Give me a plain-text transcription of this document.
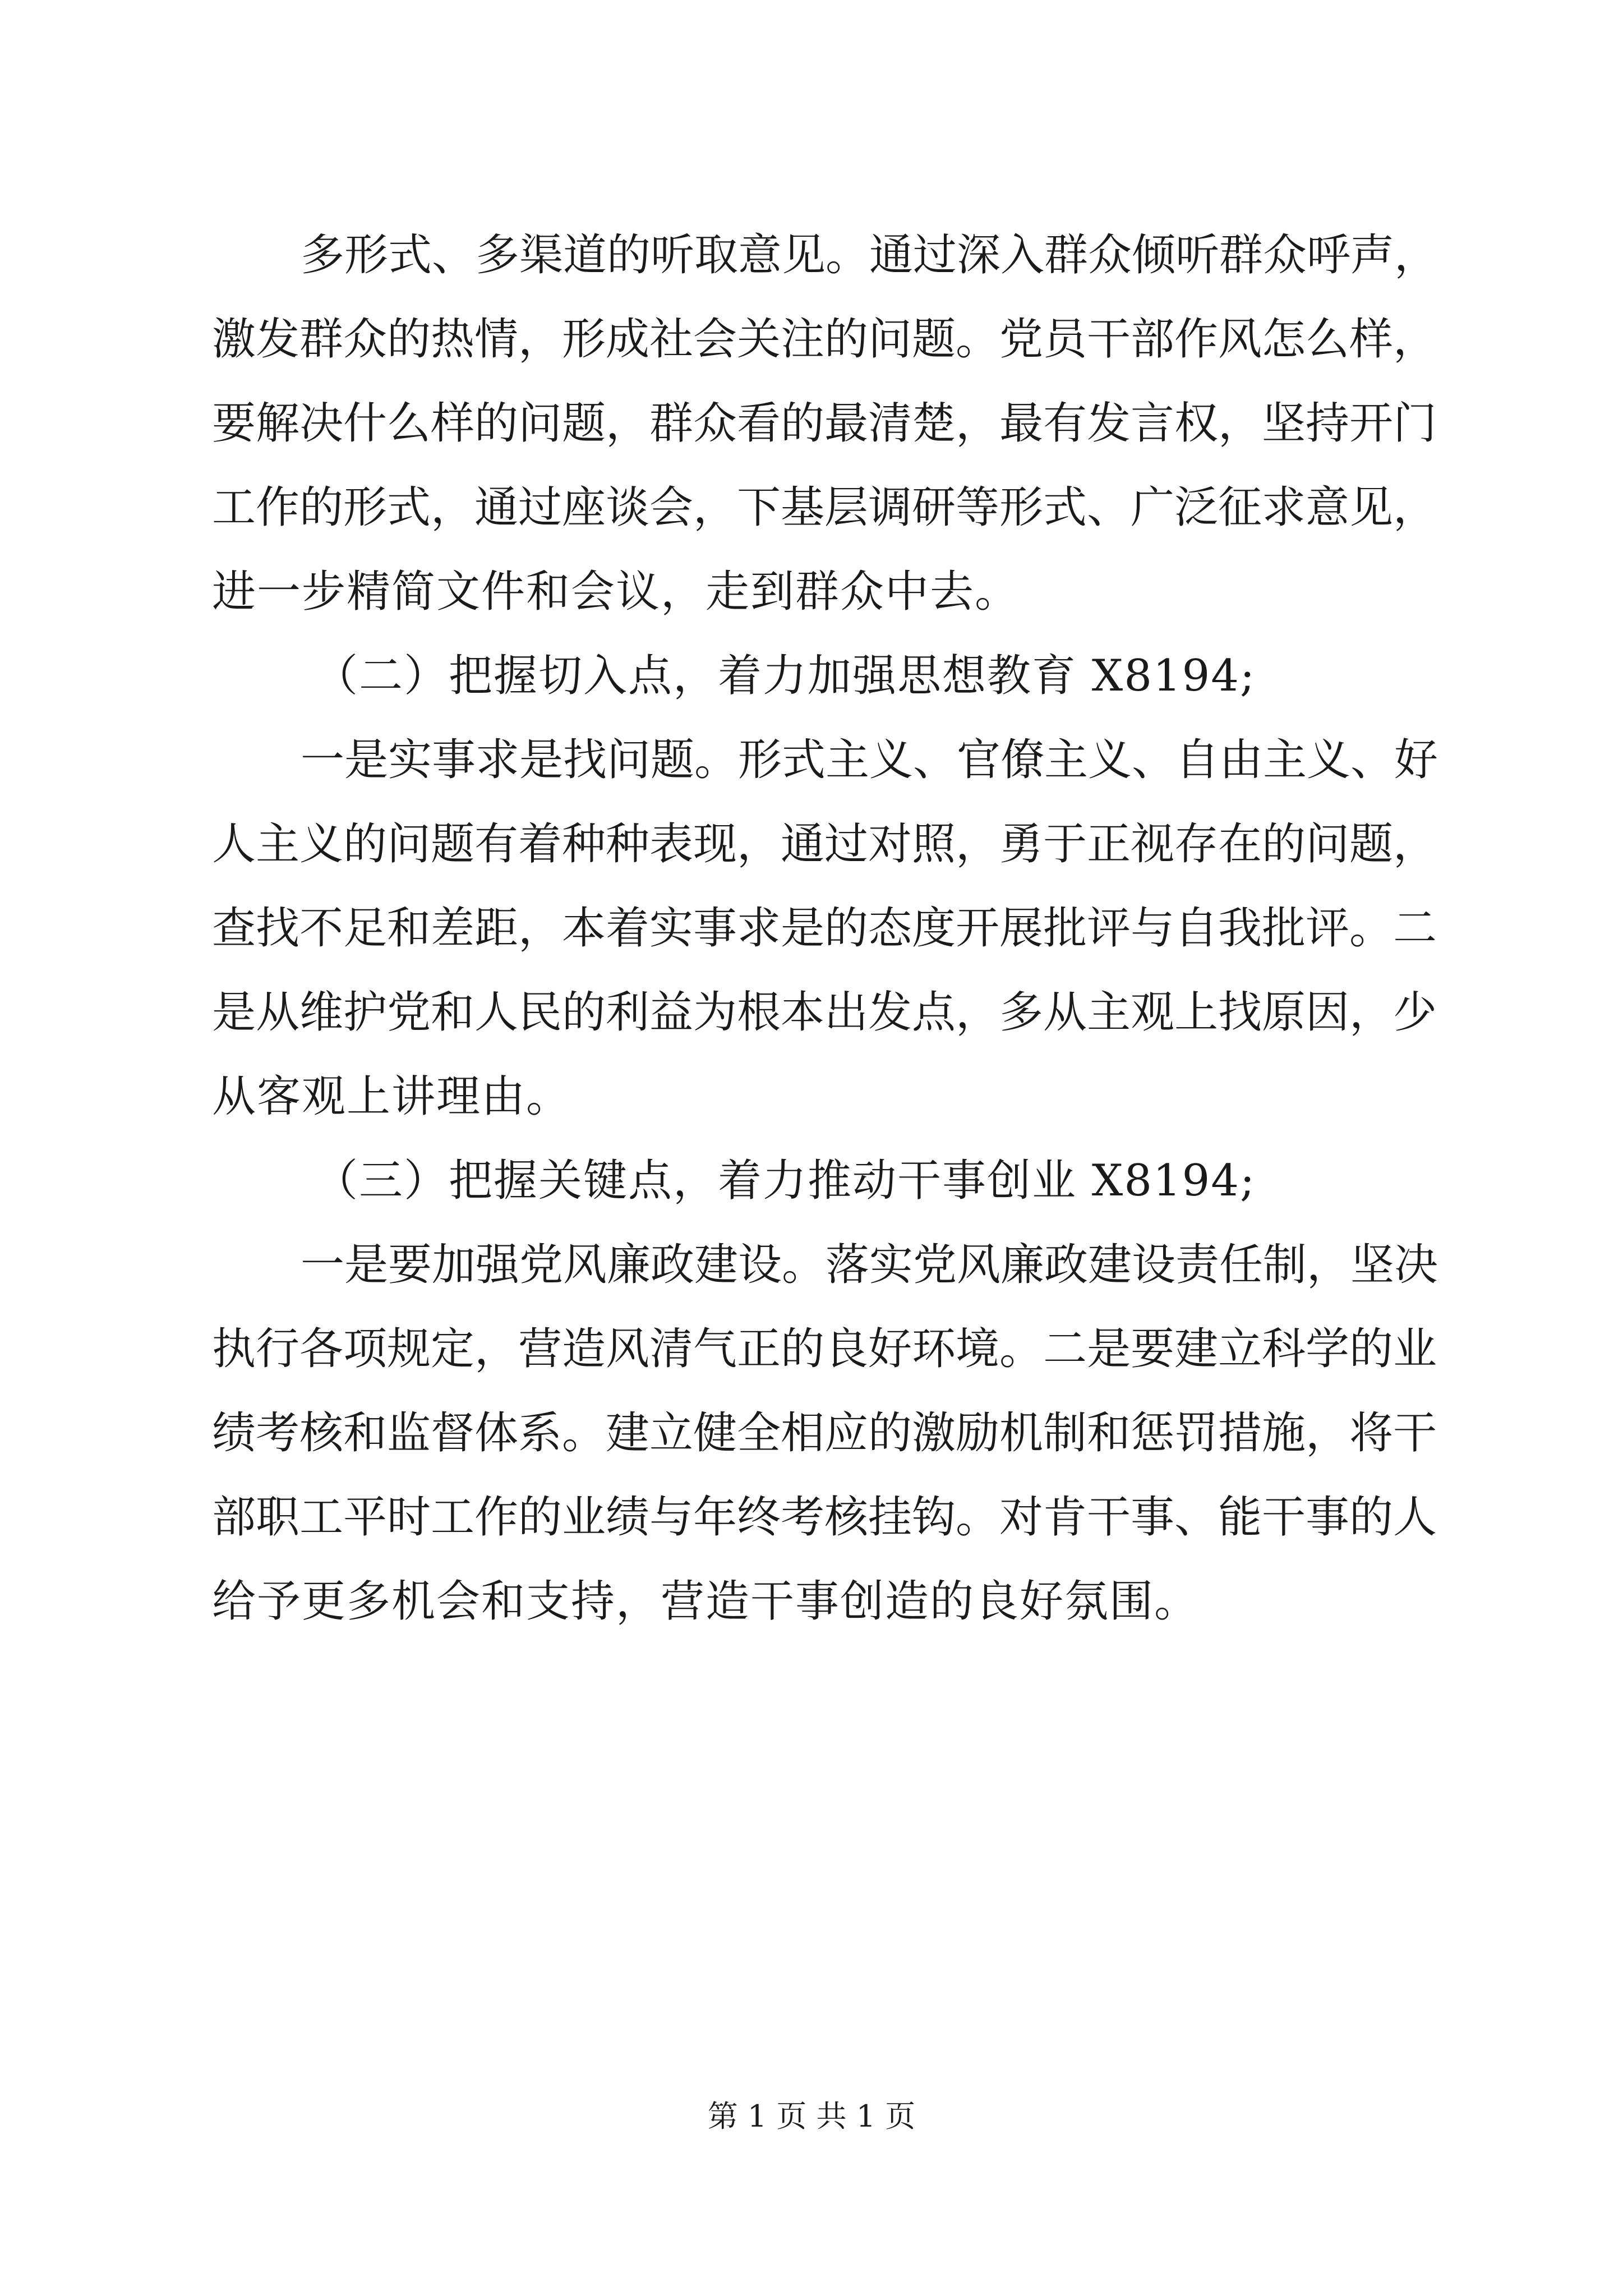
多形式、多渠道的听取意见。通过深入群众倾听群众呼声，
激发群众的热情，形成社会关注的问题。党员干部作风怎么样，
要解决什么样的问题，群众看的最清楚，最有发言权，坚持开门
工作的形式，通过座谈会，下基层调研等形式、广泛征求意见，
进一步精简文件和会议，走到群众中去。
（二）把握切入点，着力加强思想教育 X8194;
一是实事求是找问题。形式主义、官僚主义、自由主义、好
人主义的问题有着种种表现，通过对照，勇于正视存在的问题，
查找不足和差距，本着实事求是的态度开展批评与自我批评。二
是从维护党和人民的利益为根本出发点，多从主观上找原因，少
从客观上讲理由。
（三）把握关键点，着力推动干事创业 X8194;
一是要加强党风廉政建设。落实党风廉政建设责任制，坚决
执行各项规定，营造风清气正的良好环境。二是要建立科学的业
绩考核和监督体系。建立健全相应的激励机制和惩罚措施，将干
部职工平时工作的业绩与年终考核挂钩。对肯干事、能干事的人
给予更多机会和支持，营造干事创造的良好氛围。
第 1 页 共 1 页
